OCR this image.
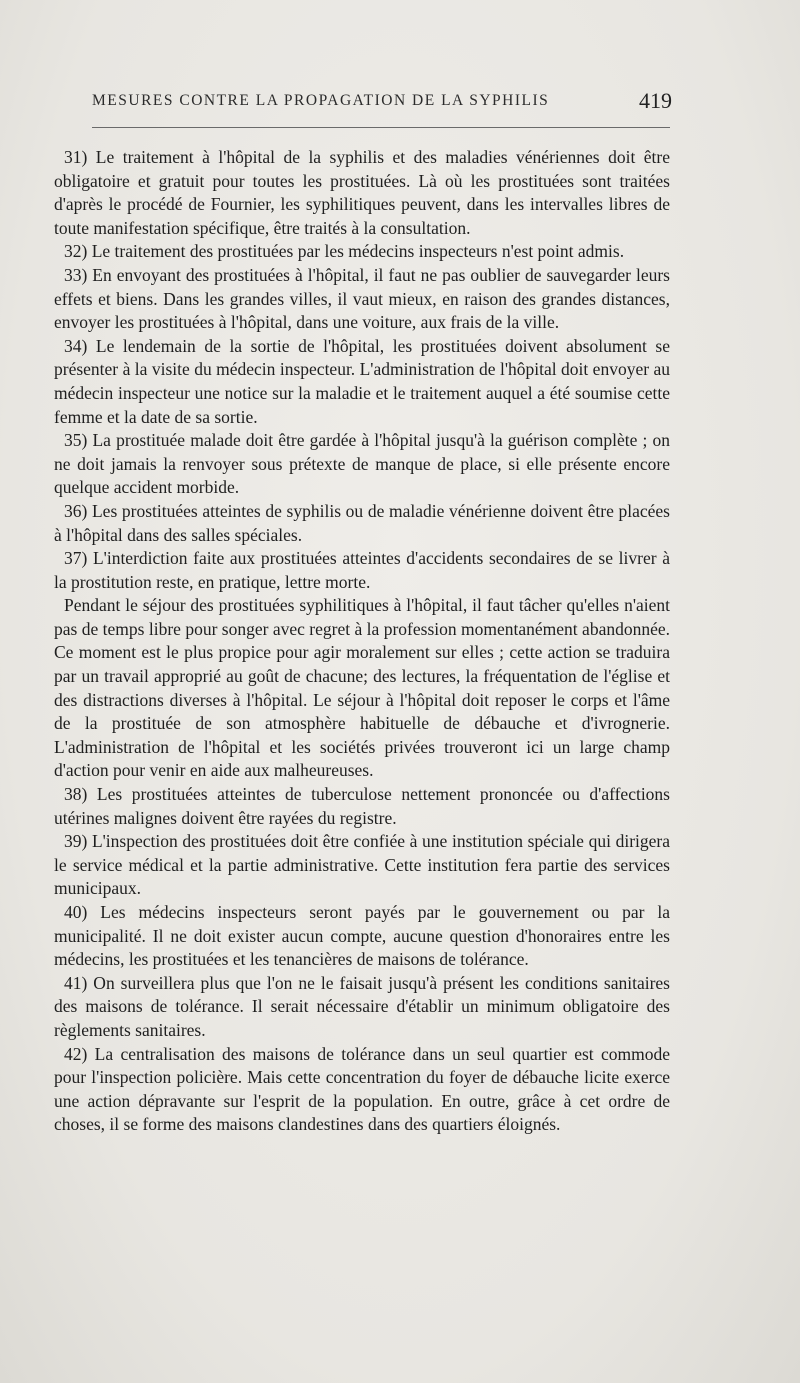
MESURES CONTRE LA PROPAGATION DE LA SYPHILIS	419

31) Le traitement à l'hôpital de la syphilis et des maladies vénériennes doit être obligatoire et gratuit pour toutes les prostituées. Là où les prostituées sont traitées d'après le procédé de Fournier, les syphilitiques peuvent, dans les intervalles libres de toute manifestation spécifique, être traités à la consultation.

32) Le traitement des prostituées par les médecins inspecteurs n'est point admis.

33) En envoyant des prostituées à l'hôpital, il faut ne pas oublier de sauvegarder leurs effets et biens. Dans les grandes villes, il vaut mieux, en raison des grandes distances, envoyer les prostituées à l'hôpital, dans une voiture, aux frais de la ville.

34) Le lendemain de la sortie de l'hôpital, les prostituées doivent absolument se présenter à la visite du médecin inspecteur. L'administration de l'hôpital doit envoyer au médecin inspecteur une notice sur la maladie et le traitement auquel a été soumise cette femme et la date de sa sortie.

35) La prostituée malade doit être gardée à l'hôpital jusqu'à la guérison complète ; on ne doit jamais la renvoyer sous prétexte de manque de place, si elle présente encore quelque accident morbide.

36) Les prostituées atteintes de syphilis ou de maladie vénérienne doivent être placées à l'hôpital dans des salles spéciales.

37) L'interdiction faite aux prostituées atteintes d'accidents secondaires de se livrer à la prostitution reste, en pratique, lettre morte.

Pendant le séjour des prostituées syphilitiques à l'hôpital, il faut tâcher qu'elles n'aient pas de temps libre pour songer avec regret à la profession momentanément abandonnée. Ce moment est le plus propice pour agir moralement sur elles ; cette action se traduira par un travail approprié au goût de chacune; des lectures, la fréquentation de l'église et des distractions diverses à l'hôpital. Le séjour à l'hôpital doit reposer le corps et l'âme de la prostituée de son atmosphère habituelle de débauche et d'ivrognerie. L'administration de l'hôpital et les sociétés privées trouveront ici un large champ d'action pour venir en aide aux malheureuses.

38) Les prostituées atteintes de tuberculose nettement prononcée ou d'affections utérines malignes doivent être rayées du registre.

39) L'inspection des prostituées doit être confiée à une institution spéciale qui dirigera le service médical et la partie administrative. Cette institution fera partie des services municipaux.

40) Les médecins inspecteurs seront payés par le gouvernement ou par la municipalité. Il ne doit exister aucun compte, aucune question d'honoraires entre les médecins, les prostituées et les tenancières de maisons de tolérance.

41) On surveillera plus que l'on ne le faisait jusqu'à présent les conditions sanitaires des maisons de tolérance. Il serait nécessaire d'établir un minimum obligatoire des règlements sanitaires.

42) La centralisation des maisons de tolérance dans un seul quartier est commode pour l'inspection policière. Mais cette concentration du foyer de débauche licite exerce une action dépravante sur l'esprit de la population. En outre, grâce à cet ordre de choses, il se forme des maisons clandestines dans des quartiers éloignés.
